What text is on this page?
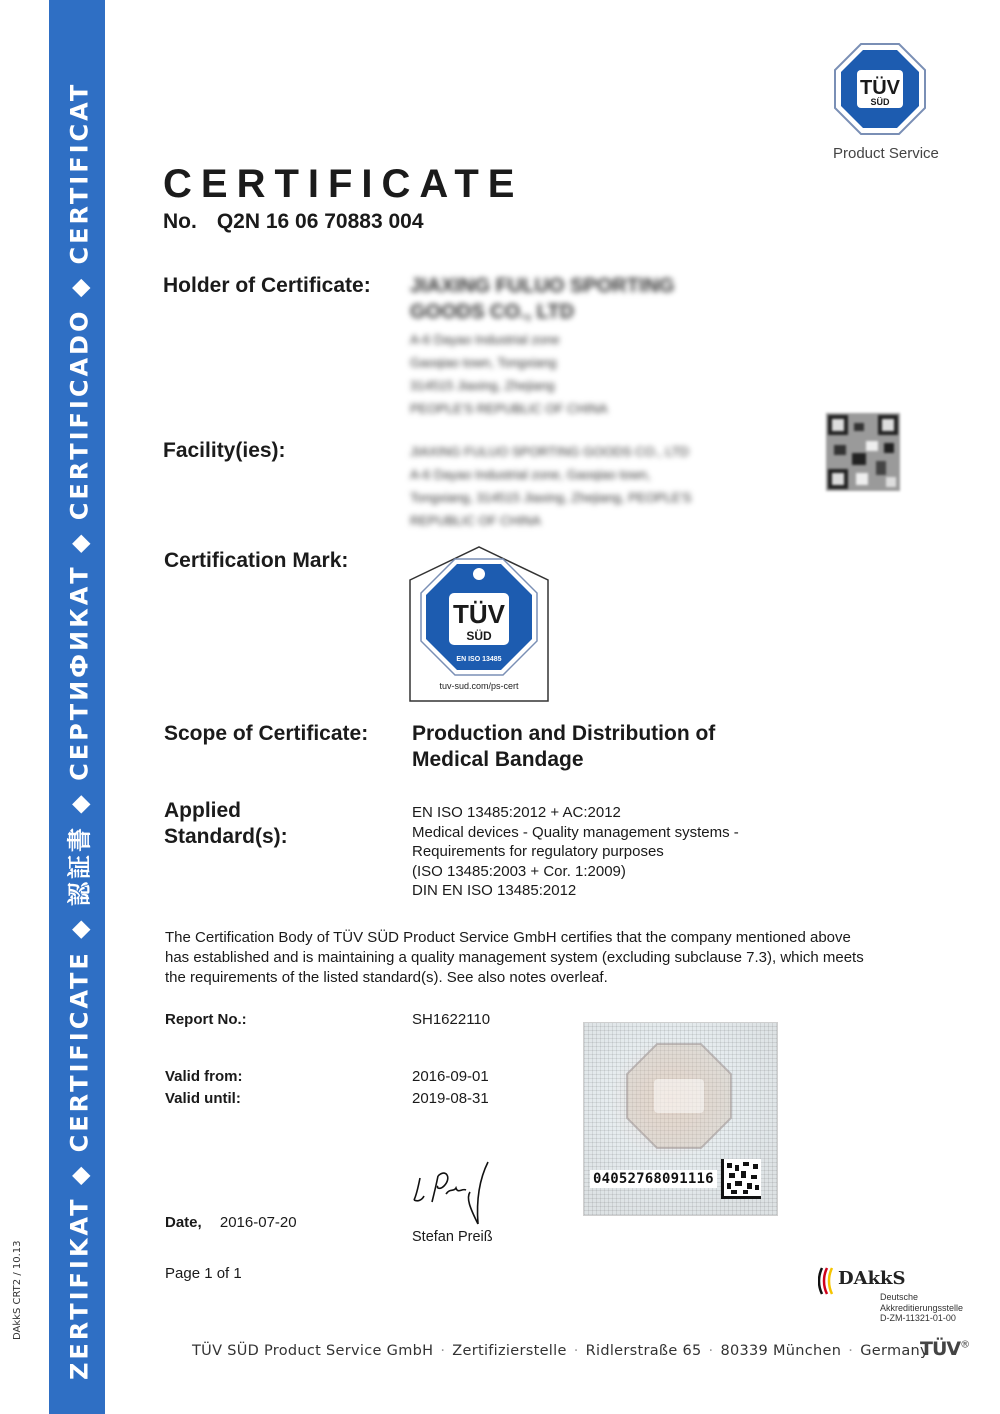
ZERTIFIKAT ◆ CERTIFICATE ◆ 認証書 ◆ СЕРТИФИКАТ ◆ CERTIFICADO ◆ CERTIFICAT
DAkkS CRT2 / 10.13
TÜV
SÜD
Product Service
CERTIFICATE
No. Q2N 16 06 70883 004
Holder of Certificate: JIAXING FULUO SPORTING
GOODS CO., LTD
A-6 Dayao Industrial zone
Gaoqiao town, Tongxiang
314515 Jiaxing, Zhejiang
PEOPLE'S REPUBLIC OF CHINA
Facility(ies):	JIAXING FULUO SPORTING GOODS CO., LTD
A-6 Dayao Industrial zone, Gaoqiao town,
Tongxiang, 314515 Jiaxing, Zhejiang, PEOPLE'S
REPUBLIC OF CHINA
Certification Mark:
TÜV
SÜD
EN ISO 13485
tuv-sud.com/ps-cert
Scope of Certificate: Production and Distribution of
Medical Bandage
Applied
Standard(s):
EN ISO 13485:2012 + AC:2012
Medical devices - Quality management systems -
Requirements for regulatory purposes
(ISO 13485:2003 + Cor. 1:2009)
DIN EN ISO 13485:2012
The Certification Body of TÜV SÜD Product Service GmbH certifies that the company mentioned above has established and is maintaining a quality management system (excluding subclause 7.3), which meets the requirements of the listed standard(s). See also notes overleaf.
Report No.:	SH1622110
Valid from:	2016-09-01
Valid until:	2019-08-31
Date, 2016-07-20
Stefan Preiß
Page 1 of 1
04052768091116
DAkkS
Deutsche
Akkreditierungsstelle
D-ZM-11321-01-00
TÜV SÜD Product Service GmbH · Zertifizierstelle · Ridlerstraße 65 · 80339 München · Germany
TÜV®
